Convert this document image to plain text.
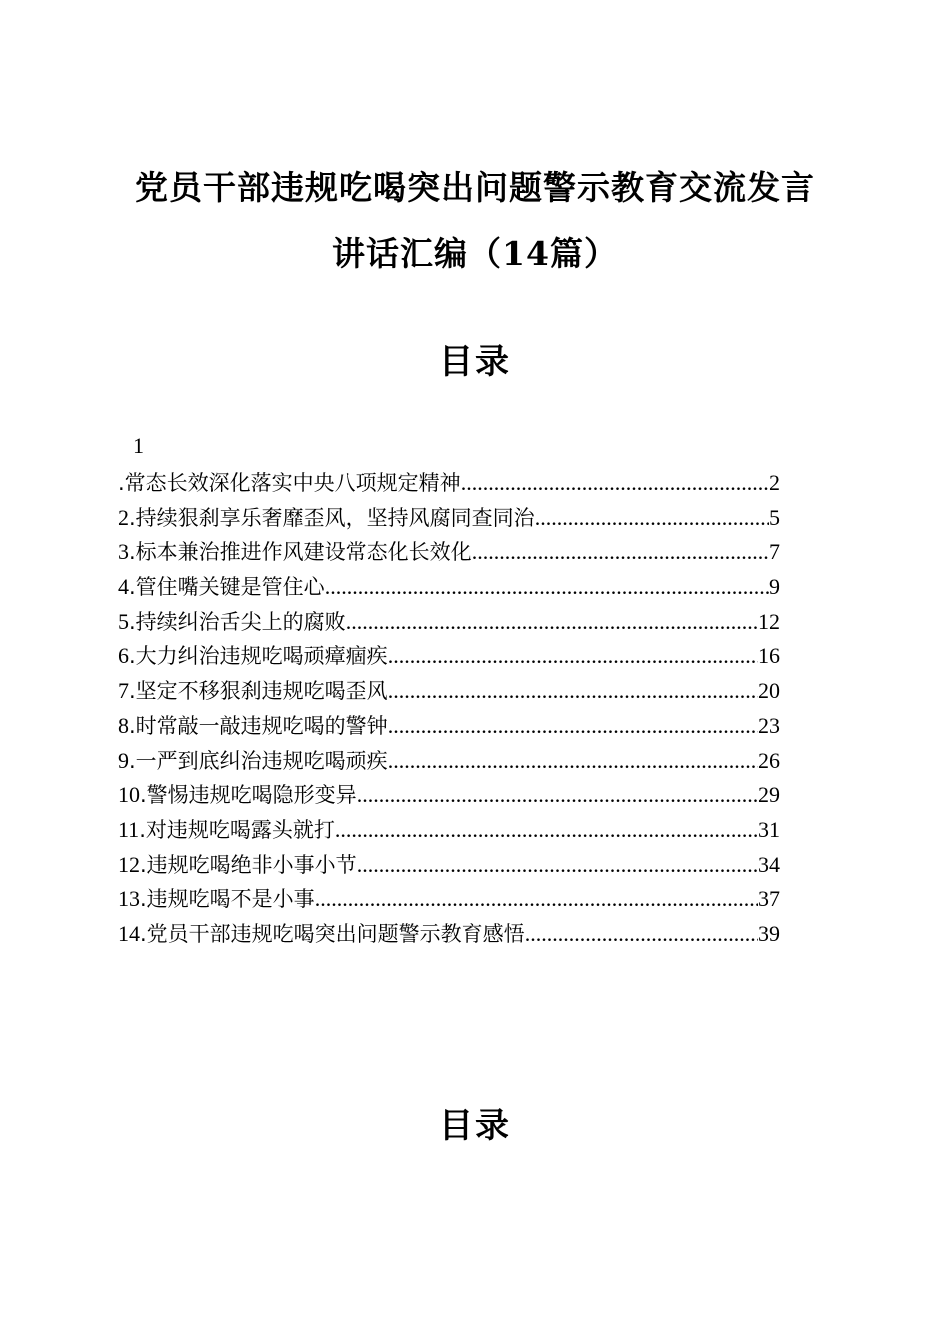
党员干部违规吃喝突出问题警示教育交流发言
讲话汇编（14篇）
目录
1
.常态长效深化落实中央八项规定精神 .....	2
2 .持续狠刹享乐奢靡歪风，坚持风腐同查同治 .....	5
3 .标本兼治推进作风建设常态化长效化 .....	7
4 .管住嘴关键是管住心 .....	9
5 .持续纠治舌尖上的腐败 .....	12
6 .大力纠治违规吃喝顽瘴痼疾 .....	16
7 .坚定不移狠刹违规吃喝歪风 .....	20
8 .时常敲一敲违规吃喝的警钟 .....	23
9 .一严到底纠治违规吃喝顽疾 .....	26
10 .警惕违规吃喝隐形变异 .....	29
11 .对违规吃喝露头就打 .....	31
12 .违规吃喝绝非小事小节 .....	34
13 .违规吃喝不是小事 .....	37
14 .党员干部违规吃喝突出问题警示教育感悟 .....	39
目录
